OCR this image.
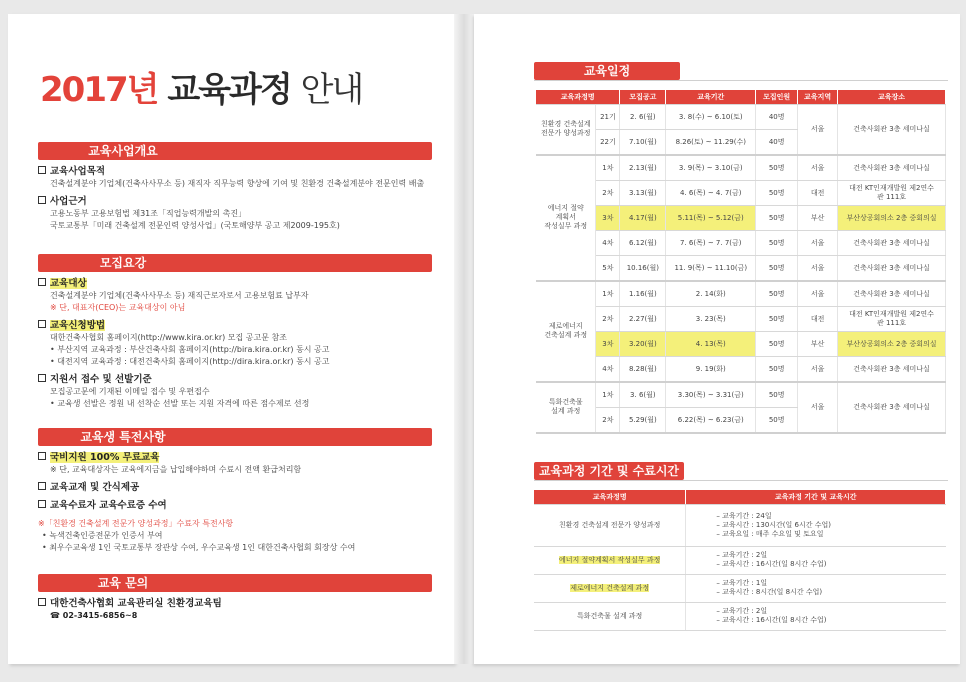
2017년 교육과정 안내
교육사업개요
교육사업목적
건축설계분야 기업체(건축사사무소 등) 재직자 직무능력 향상에 기여 및 친환경 건축설계분야 전문인력 배출
사업근거
고용노동부 고용보험법 제31조「직업능력개발의 촉진」
국토교통부「미래 건축설계 전문인력 양성사업」(국토해양부 공고 제2009-195호)
모집요강
교육대상
건축설계분야 기업체(건축사사무소 등) 재직근로자로서 고용보험료 납부자
※ 단, 대표자(CEO)는 교육대상이 아님
교육신청방법
대한건축사협회 홈페이지(http://www.kira.or.kr) 모집 공고문 참조
• 부산지역 교육과정 : 부산건축사회 홈페이지(http://bira.kira.or.kr) 동시 공고
• 대전지역 교육과정 : 대전건축사회 홈페이지(http://dira.kira.or.kr) 동시 공고
지원서 접수 및 선발기준
모집공고문에 기재된 이메일 접수 및 우편접수
• 교육생 선발은 정원 내 선착순 선발 또는 지원 자격에 따른 점수제로 선정
교육생 특전사항
국비지원 100% 무료교육
※ 단, 교육대상자는 교육에지금을 납입해야하며 수료시 전액 환급처리함
교육교재 및 간식제공
교육수료자 교육수료증 수여
※「친환경 건축설계 전문가 양성과정」수료자 특전사항
• 녹색건축인증전문가 인증서 부여
• 최우수교육생 1인 국토교통부 장관상 수여, 우수교육생 1인 대한건축사협회 회장상 수여
교육 문의
대한건축사협회 교육관리실 친환경교육팀
☎ 02-3415-6856~8
교육일정
교육과정명		모집공고	교육기간	모집인원	교육지역	교육장소

친환경 건축설계
전문가 양성과정	21기	2. 6(월)	3. 8(수) ~ 6.10(토)	40명	서울	건축사회관 3층 세미나실
	22기	7.10(월)	8.26(토) ~ 11.29(수)	40명		

에너지 절약
계획서
작성실무 과정	1차	2.13(월)	3. 9(목) ~ 3.10(금)	50명	서울	건축사회관 3층 세미나실
	2차	3.13(월)	4. 6(목) ~ 4. 7(금)	50명	대전	대전 KT인재개발원 제2연수관 111호
	3차	4.17(월)	5.11(목) ~ 5.12(금)	50명	부산	부산상공회의소 2층 중회의실
	4차	6.12(월)	7. 6(목) ~ 7. 7(금)	50명	서울	건축사회관 3층 세미나실
	5차	10.16(월)	11. 9(목) ~ 11.10(금)	50명	서울	건축사회관 3층 세미나실

제로에너지
건축설계 과정	1차	1.16(월)	2. 14(화)	50명	서울	건축사회관 3층 세미나실
	2차	2.27(월)	3. 23(목)	50명	대전	대전 KT인재개발원 제2연수관 111호
	3차	3.20(월)	4. 13(목)	50명	부산	부산상공회의소 2층 중회의실
	4차	8.28(월)	9. 19(화)	50명	서울	건축사회관 3층 세미나실

특화건축물
설계 과정	1차	3. 6(월)	3.30(목) ~ 3.31(금)	50명	서울	건축사회관 3층 세미나실
	2차	5.29(월)	6.22(목) ~ 6.23(금)	50명		
교육과정 기간 및 수료시간
교육과정명	교육과정 기간 및 교육시간
친환경 건축설계 전문가 양성과정	– 교육기간 : 24일
– 교육시간 : 130시간(일 6시간 수업)
– 교육요일 : 매주 수요일 및 토요일

에너지 절약계획서 작성실무 과정	– 교육기간 : 2일
– 교육시간 : 16시간(일 8시간 수업)

제로에너지 건축설계 과정	– 교육기간 : 1일
– 교육시간 : 8시간(일 8시간 수업)

특화건축물 설계 과정	– 교육기간 : 2일
– 교육시간 : 16시간(일 8시간 수업)
